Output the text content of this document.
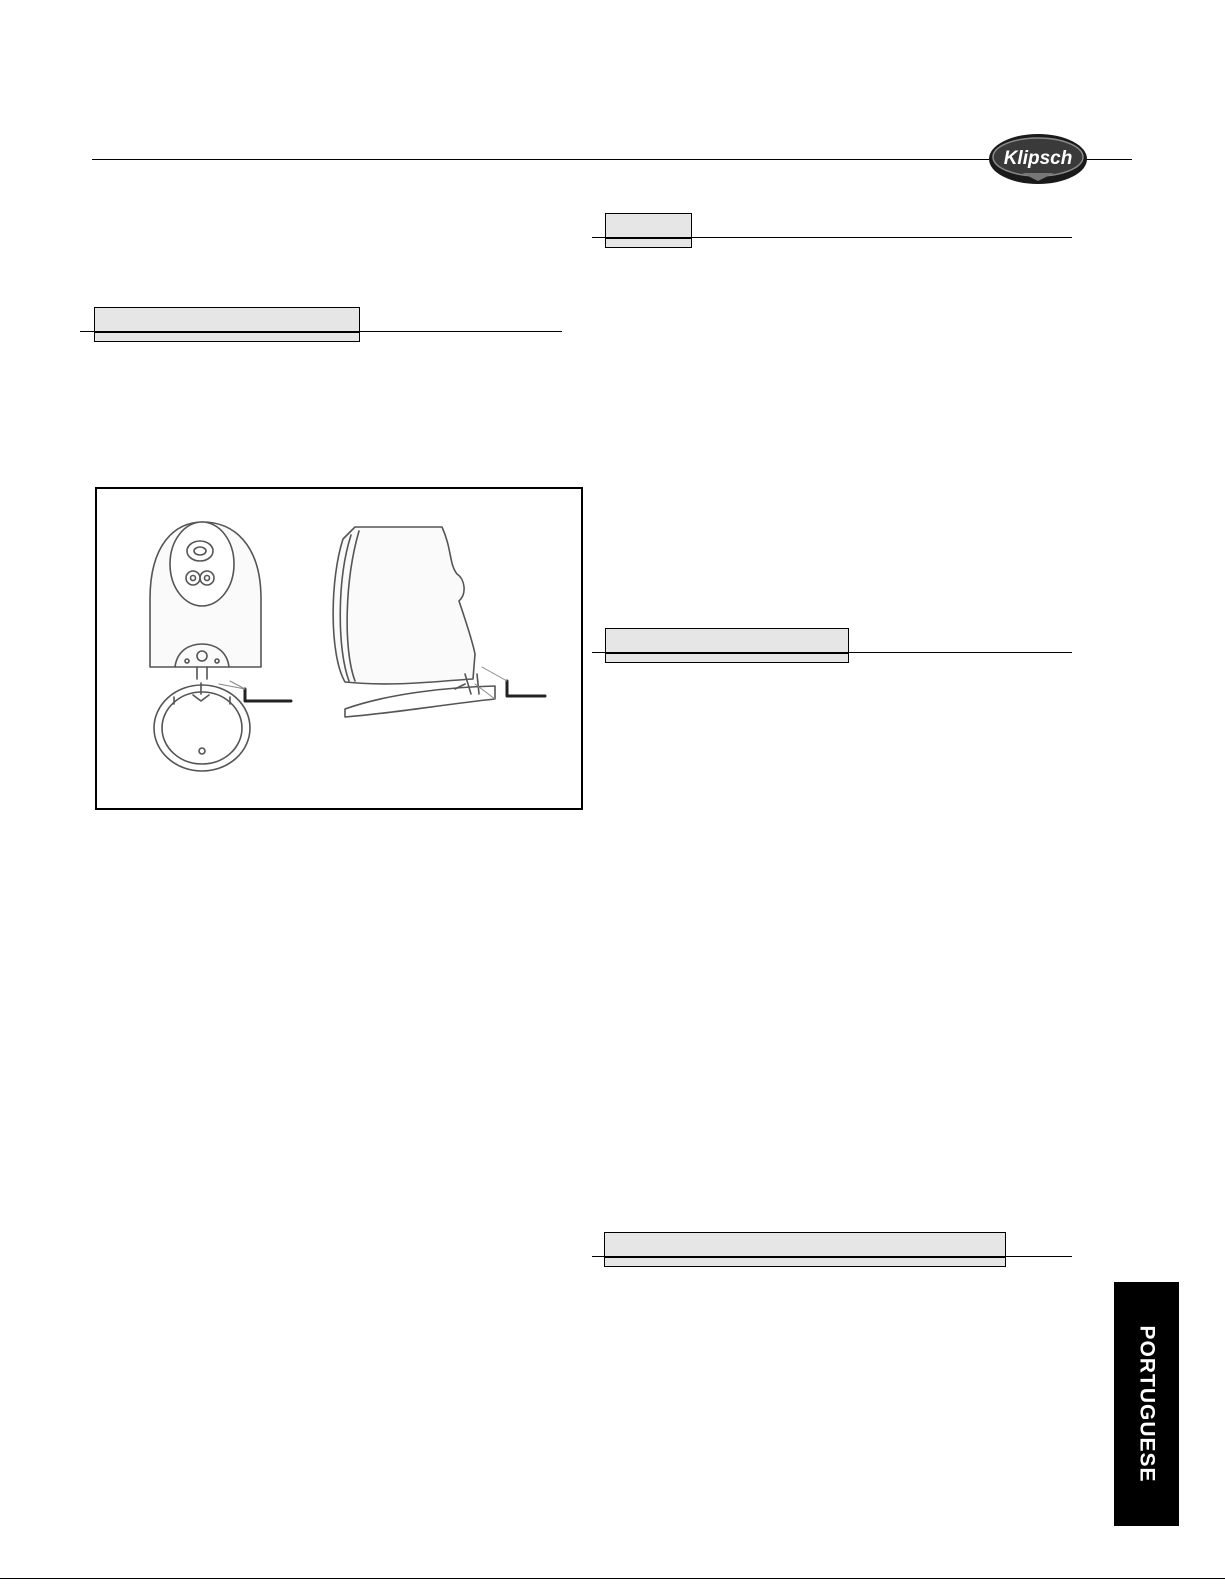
Klipsch
PORTUGUESE
